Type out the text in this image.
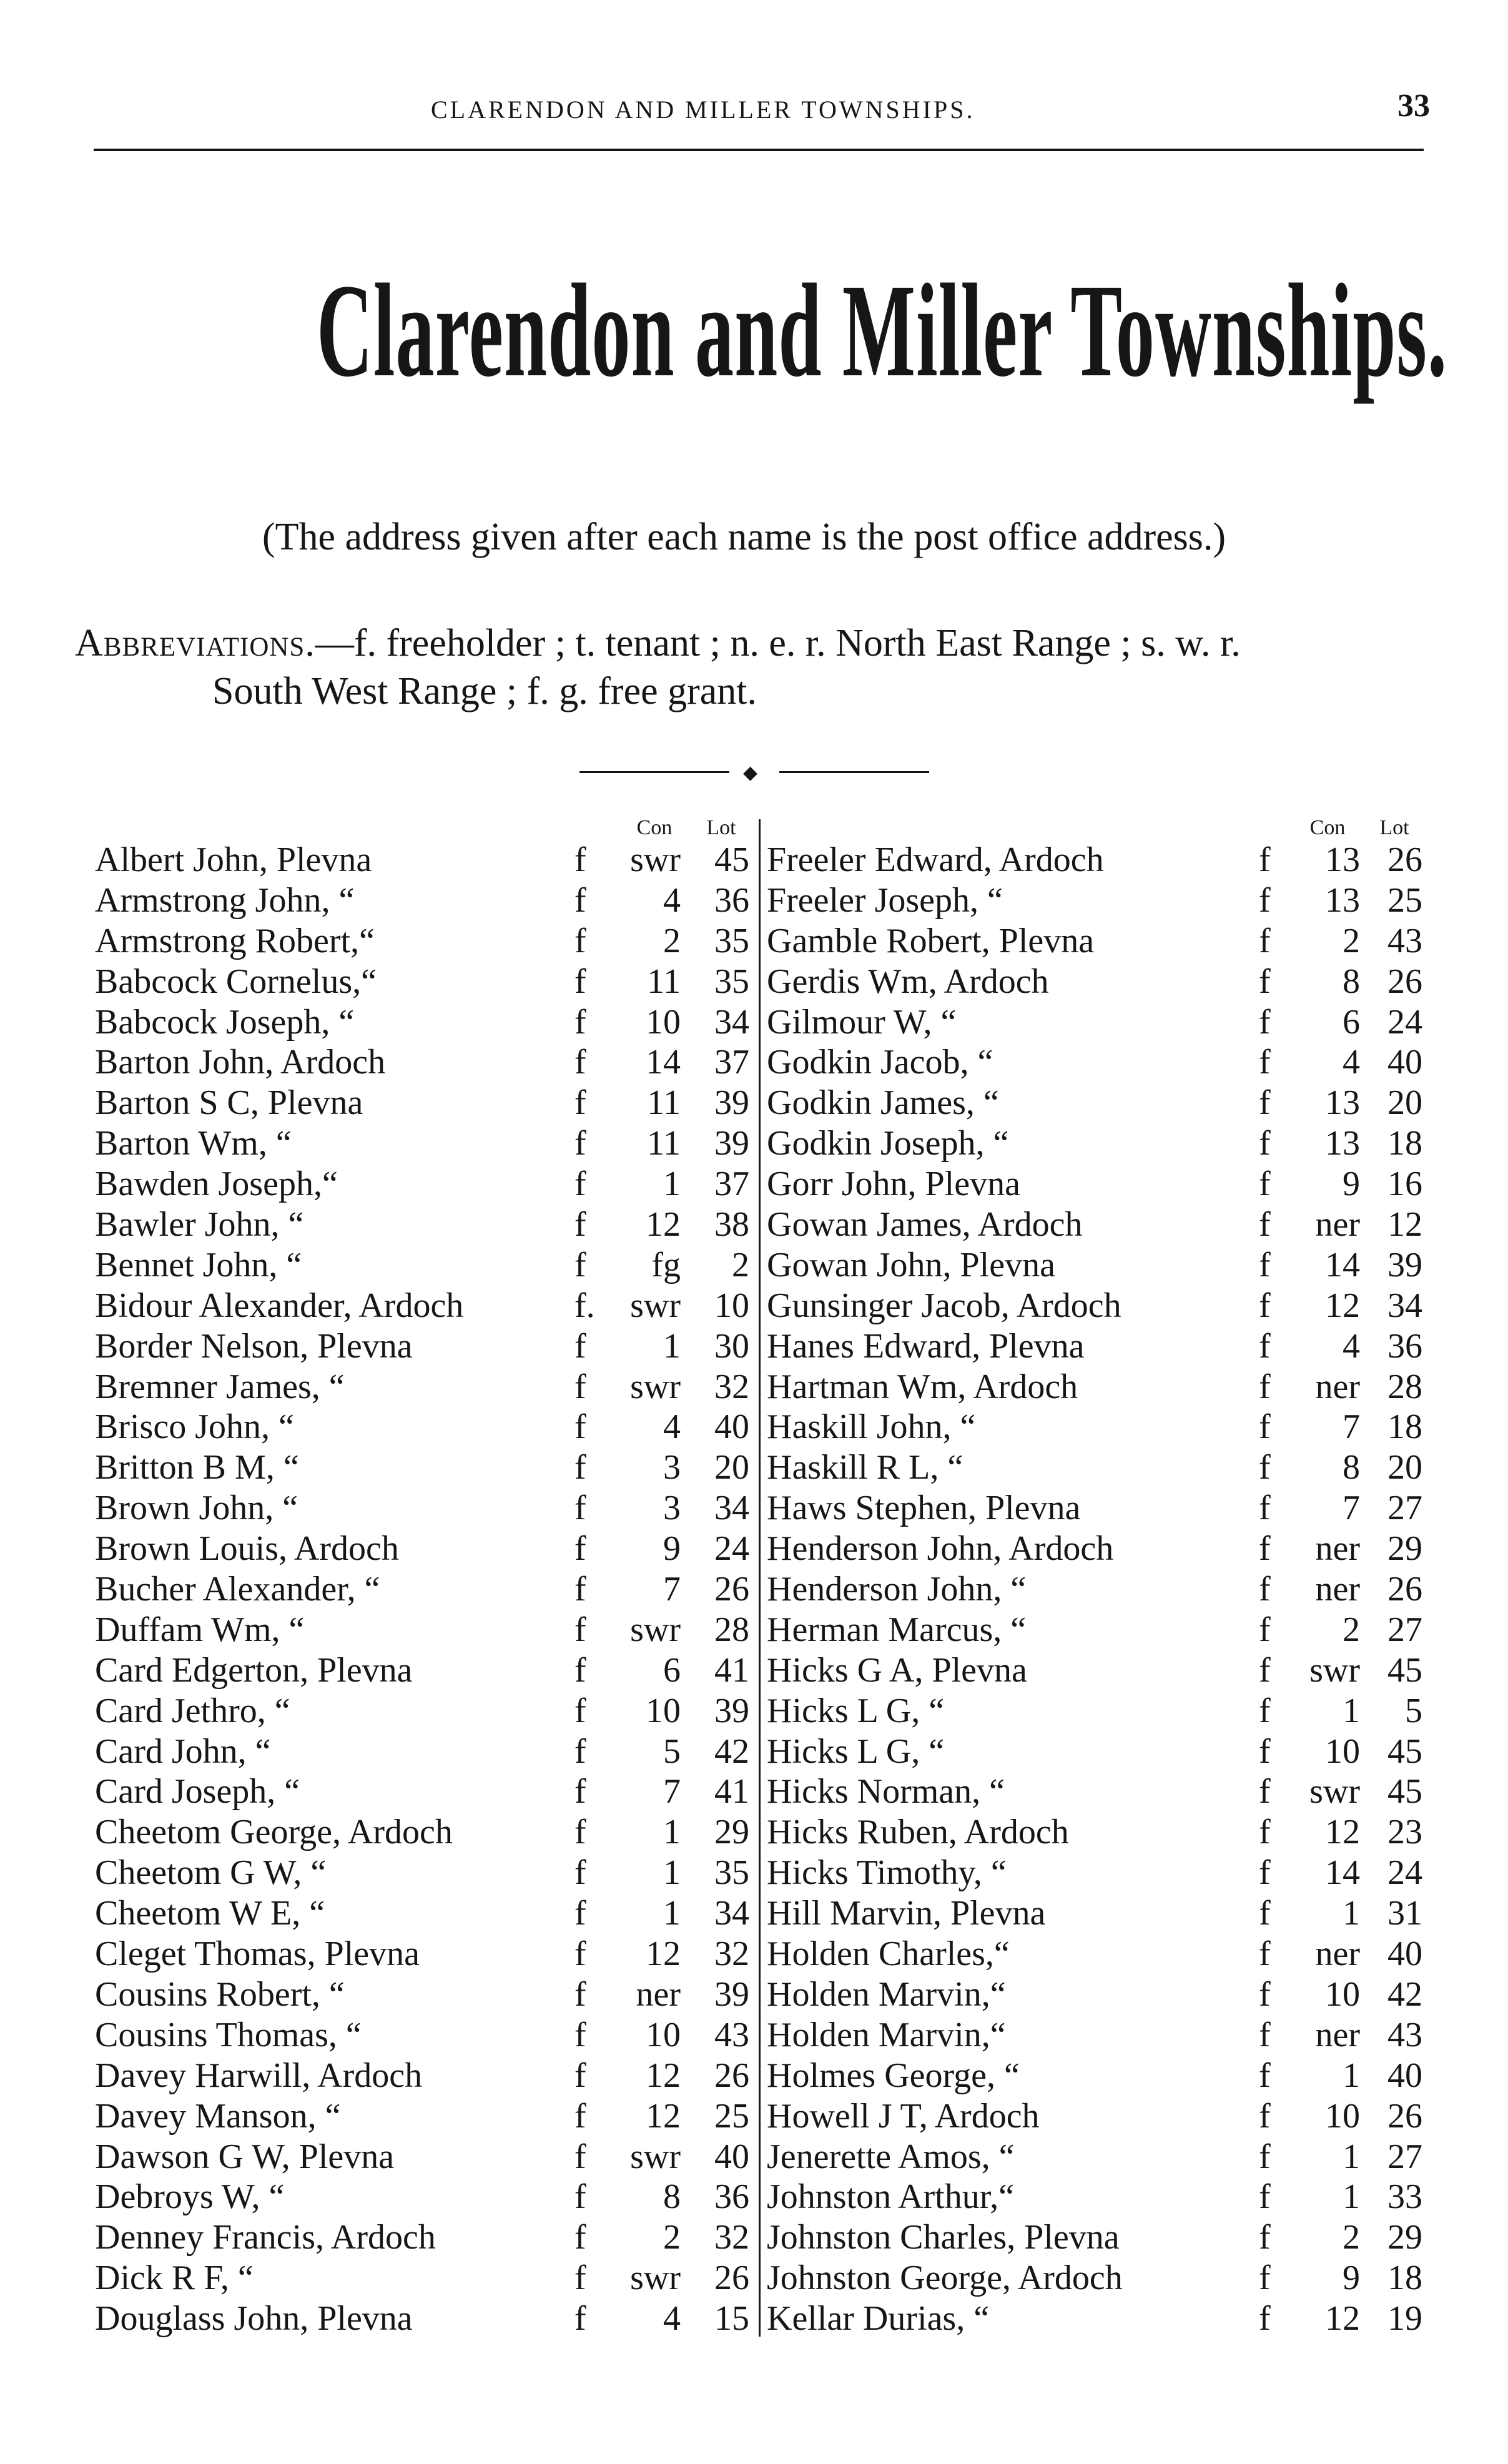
CLARENDON AND MILLER TOWNSHIPS.	33
Clarendon and Miller Townships.
(The address given after each name is the post office address.)
Abbreviations.—f. freeholder ; t. tenant ; n. e. r. North East Range ; s. w. r.
South West Range ; f. g. free grant.
◆
Con	Lot
Albert John, Plevna	f	swr 45
Armstrong John, “	f	4 36
Armstrong Robert,“	f	2 35
Babcock Cornelus,“	f	11 35
Babcock Joseph, “	f	10 34
Barton John, Ardoch	f	14 37
Barton S C, Plevna	f	11 39
Barton Wm, “	f	11 39
Bawden Joseph,“	f	1 37
Bawler John, “	f	12 38
Bennet John, “	f	fg	2
Bidour Alexander, Ardoch	f.	swr 10
Border Nelson, Plevna	f	1 30
Bremner James, “	f	swr 32
Brisco John, “	f	4 40
Britton B M, “	f	3 20
Brown John, “	f	3 34
Brown Louis, Ardoch	f	9 24
Bucher Alexander, “	f	7 26
Duffam Wm, “	f	swr 28
Card Edgerton, Plevna	f	6 41
Card Jethro, “	f	10 39
Card John, “	f	5 42
Card Joseph, “	f	7 41
Cheetom George, Ardoch	f	1 29
Cheetom G W, “	f	1 35
Cheetom W E, “	f	1 34
Cleget Thomas, Plevna	f	12 32
Cousins Robert, “	f	ner 39
Cousins Thomas, “	f	10 43
Davey Harwill, Ardoch	f	12 26
Davey Manson, “	f	12 25
Dawson G W, Plevna	f	swr 40
Debroys W, “	f	8 36
Denney Francis, Ardoch	f	2 32
Dick R F, “	f	swr 26
Douglass John, Plevna	f	4 15
Con	Lot
Freeler Edward, Ardoch	f	13 26
Freeler Joseph, “	f	13 25
Gamble Robert, Plevna	f	2 43
Gerdis Wm, Ardoch	f	8 26
Gilmour W, “	f	6 24
Godkin Jacob, “	f	4 40
Godkin James, “	f	13 20
Godkin Joseph, “	f	13 18
Gorr John, Plevna	f	9 16
Gowan James, Ardoch	f	ner 12
Gowan John, Plevna	f	14 39
Gunsinger Jacob, Ardoch	f	12 34
Hanes Edward, Plevna	f	4 36
Hartman Wm, Ardoch	f	ner 28
Haskill John, “	f	7 18
Haskill R L, “	f	8 20
Haws Stephen, Plevna	f	7 27
Henderson John, Ardoch	f	ner 29
Henderson John, “	f	ner 26
Herman Marcus, “	f	2 27
Hicks G A, Plevna	f	swr 45
Hicks L G, “	f	1	5
Hicks L G, “	f	10 45
Hicks Norman, “	f	swr 45
Hicks Ruben, Ardoch	f	12 23
Hicks Timothy, “	f	14 24
Hill Marvin, Plevna	f	1 31
Holden Charles,“	f	ner 40
Holden Marvin,“	f	10 42
Holden Marvin,“	f	ner 43
Holmes George, “	f	1 40
Howell J T, Ardoch	f	10 26
Jenerette Amos, “	f	1 27
Johnston Arthur,“	f	1 33
Johnston Charles, Plevna	f	2 29
Johnston George, Ardoch	f	9 18
Kellar Durias, “	f	12 19
